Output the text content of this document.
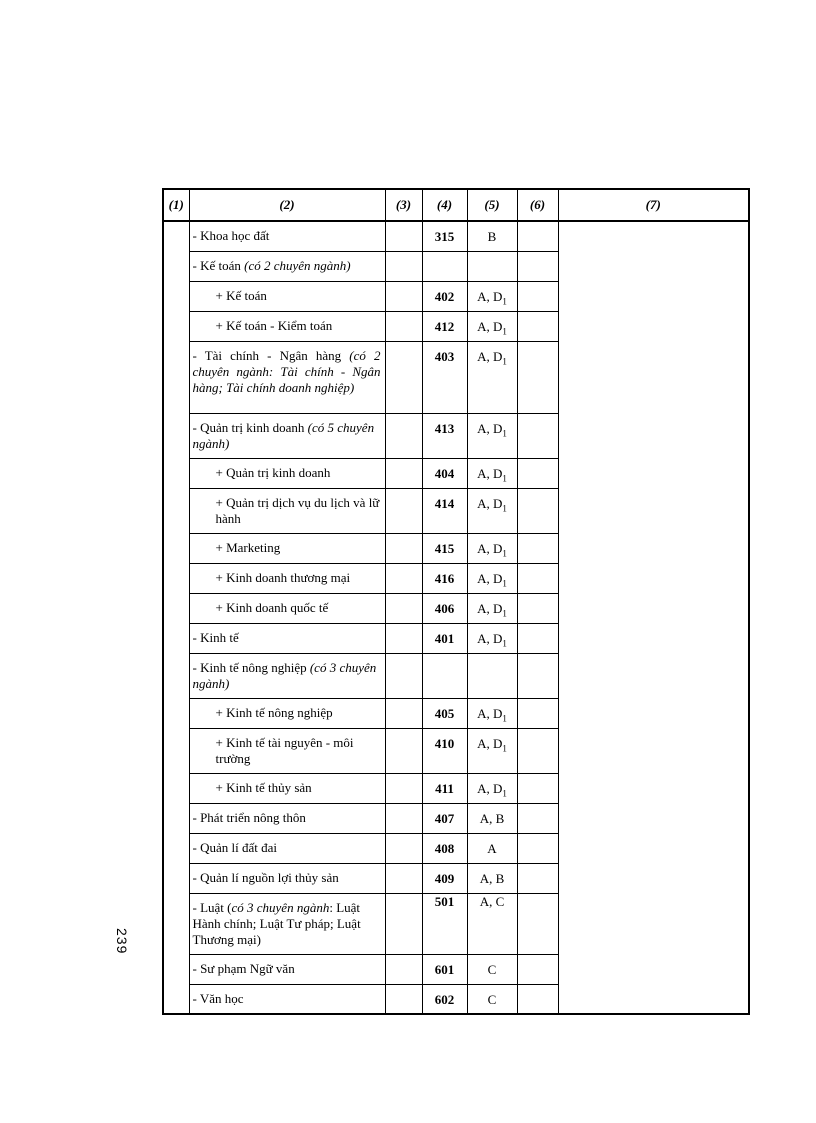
(1)	(2)	(3)	(4)	(5)	(6)	(7)
	- Khoa học đất		315	B		
	- Kế toán (có 2 chuyên ngành)					
	+ Kế toán		402	A, $D_1$	
	+ Kế toán - Kiểm toán		412	A, $D_1$	
	- Tài chính - Ngân hàng (có 2 chuyên ngành: Tài chính - Ngân hàng; Tài chính doanh nghiệp)		403	A, $D_1$	
	- Quản trị kinh doanh (có 5 chuyên ngành)		413	A, $D_1$	
	+ Quản trị kinh doanh		404	A, $D_1$	
	+ Quản trị dịch vụ du lịch và lữ hành		414	A, $D_1$	
	+ Marketing		415	A, $D_1$	
	+ Kinh doanh thương mại		416	A, $D_1$	
	+ Kinh doanh quốc tế		406	A, $D_1$	
	- Kinh tế		401	A, $D_1$	
	- Kinh tế nông nghiệp (có 3 chuyên ngành)					
	+ Kinh tế nông nghiệp		405	A, $D_1$	
	+ Kinh tế tài nguyên - môi trường		410	A, $D_1$	
	+ Kinh tế thủy sản		411	A, $D_1$	
	- Phát triển nông thôn		407	A, B		
	- Quản lí đất đai		408	A		
	- Quản lí nguồn lợi thủy sản		409	A, B		
	- Luật (có 3 chuyên ngành: Luật Hành chính; Luật Tư pháp; Luật Thương mại)		501	A, C		
	- Sư phạm Ngữ văn		601	C		
	- Văn học		602	C		
239
